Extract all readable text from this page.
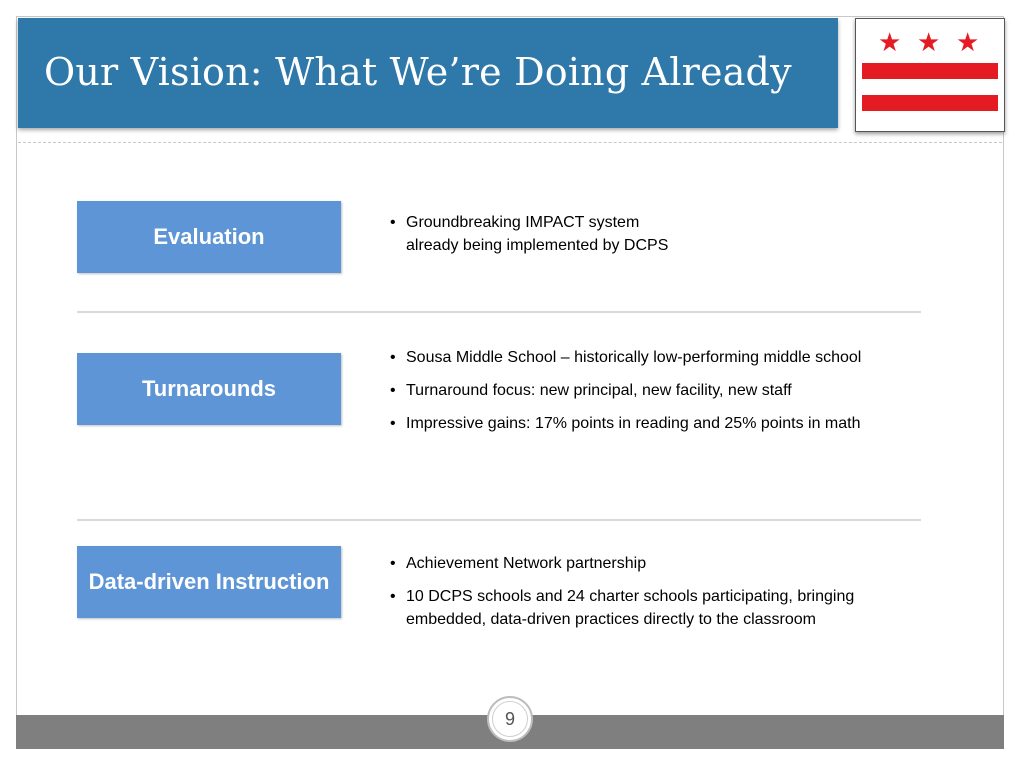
Our Vision: What We’re Doing Already
★ ★ ★
Evaluation
• Groundbreaking IMPACT system
already being implemented by DCPS
Turnarounds
• Sousa Middle School – historically low-performing middle school
• Turnaround focus: new principal, new facility, new staff
• Impressive gains: 17% points in reading and 25% points in math
Data-driven Instruction
• Achievement Network partnership
• 10 DCPS schools and 24 charter schools participating, bringing embedded, data-driven practices directly to the classroom
9
